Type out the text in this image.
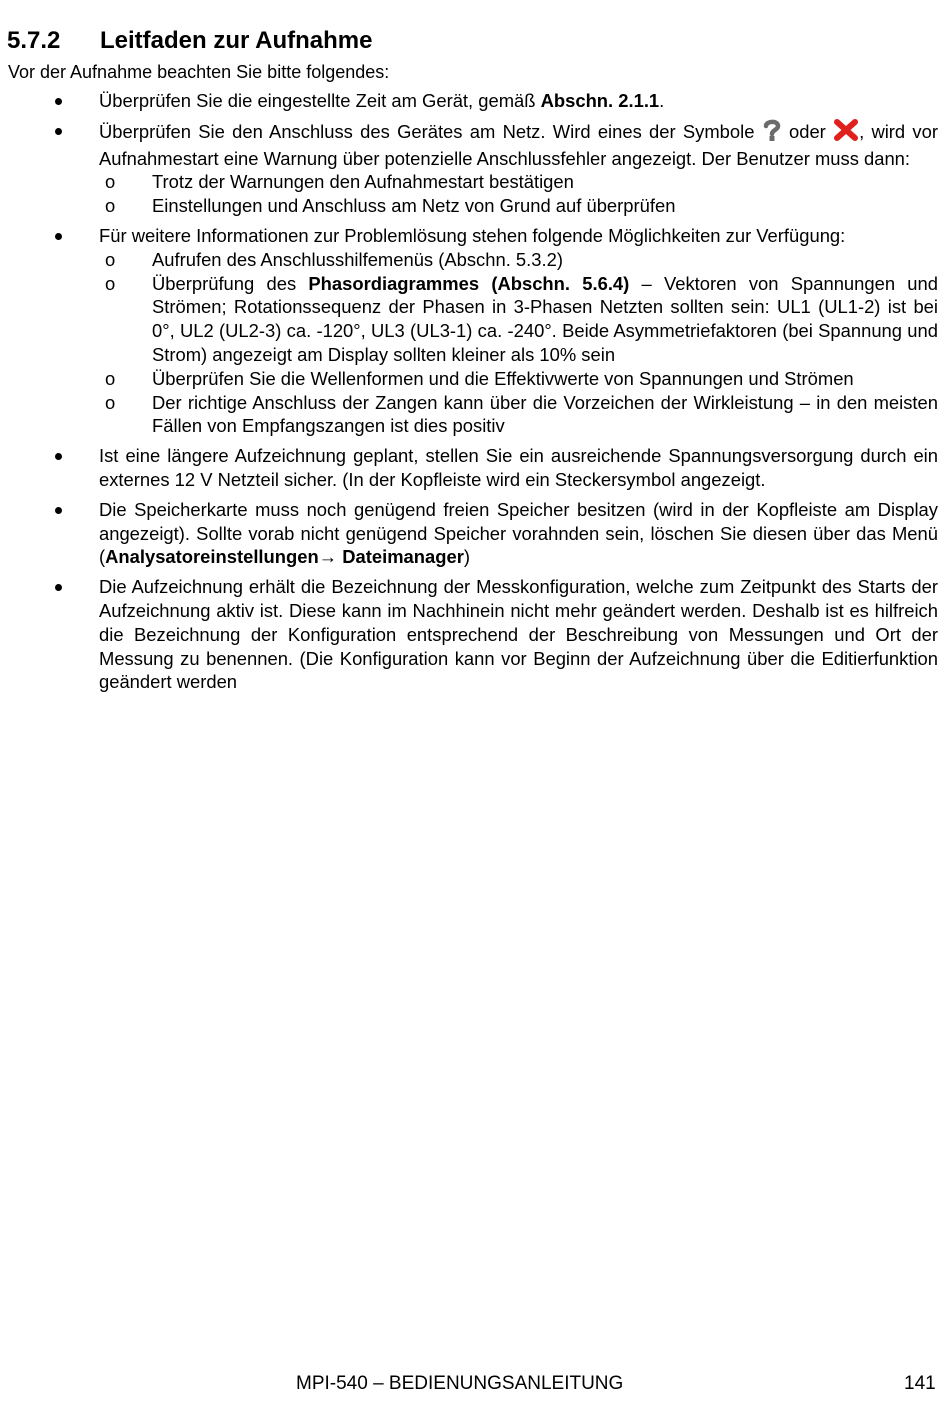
5.7.2 Leitfaden zur Aufnahme
Vor der Aufnahme beachten Sie bitte folgendes:
Überprüfen Sie die eingestellte Zeit am Gerät, gemäß Abschn. 2.1.1.
Überprüfen Sie den Anschluss des Gerätes am Netz. Wird eines der Symbole  oder , wird vor Aufnahmestart eine Warnung über potenzielle Anschlussfehler angezeigt. Der Benutzer muss dann:
o Trotz der Warnungen den Aufnahmestart bestätigen
o Einstellungen und Anschluss am Netz von Grund auf überprüfen
Für weitere Informationen zur Problemlösung stehen folgende Möglichkeiten zur Verfügung:
o Aufrufen des Anschlusshilfemenüs (Abschn. 5.3.2)
o Überprüfung des Phasordiagrammes (Abschn. 5.6.4) – Vektoren von Spannungen und Strömen; Rotationssequenz der Phasen in 3-Phasen Netzten sollten sein: UL1 (UL1-2) ist bei 0°, UL2 (UL2-3) ca. -120°, UL3 (UL3-1) ca. -240°. Beide Asymmetriefaktoren (bei Spannung und Strom) angezeigt am Display sollten kleiner als 10% sein
o Überprüfen Sie die Wellenformen und die Effektivwerte von Spannungen und Strömen
o Der richtige Anschluss der Zangen kann über die Vorzeichen der Wirkleistung – in den meisten Fällen von Empfangszangen ist dies positiv
Ist eine längere Aufzeichnung geplant, stellen Sie ein ausreichende Spannungsversorgung durch ein externes 12 V Netzteil sicher. (In der Kopfleiste wird ein Steckersymbol angezeigt.
Die Speicherkarte muss noch genügend freien Speicher besitzen (wird in der Kopfleiste am Display angezeigt). Sollte vorab nicht genügend Speicher vorahnden sein, löschen Sie diesen über das Menü (Analysatoreinstellungen→ Dateimanager)
Die Aufzeichnung erhält die Bezeichnung der Messkonfiguration, welche zum Zeitpunkt des Starts der Aufzeichnung aktiv ist. Diese kann im Nachhinein nicht mehr geändert werden. Deshalb ist es hilfreich die Bezeichnung der Konfiguration entsprechend der Beschreibung von Messungen und Ort der Messung zu benennen. (Die Konfiguration kann vor Beginn der Aufzeichnung über die Editierfunktion geändert werden
MPI-540 – BEDIENUNGSANLEITUNG	141
